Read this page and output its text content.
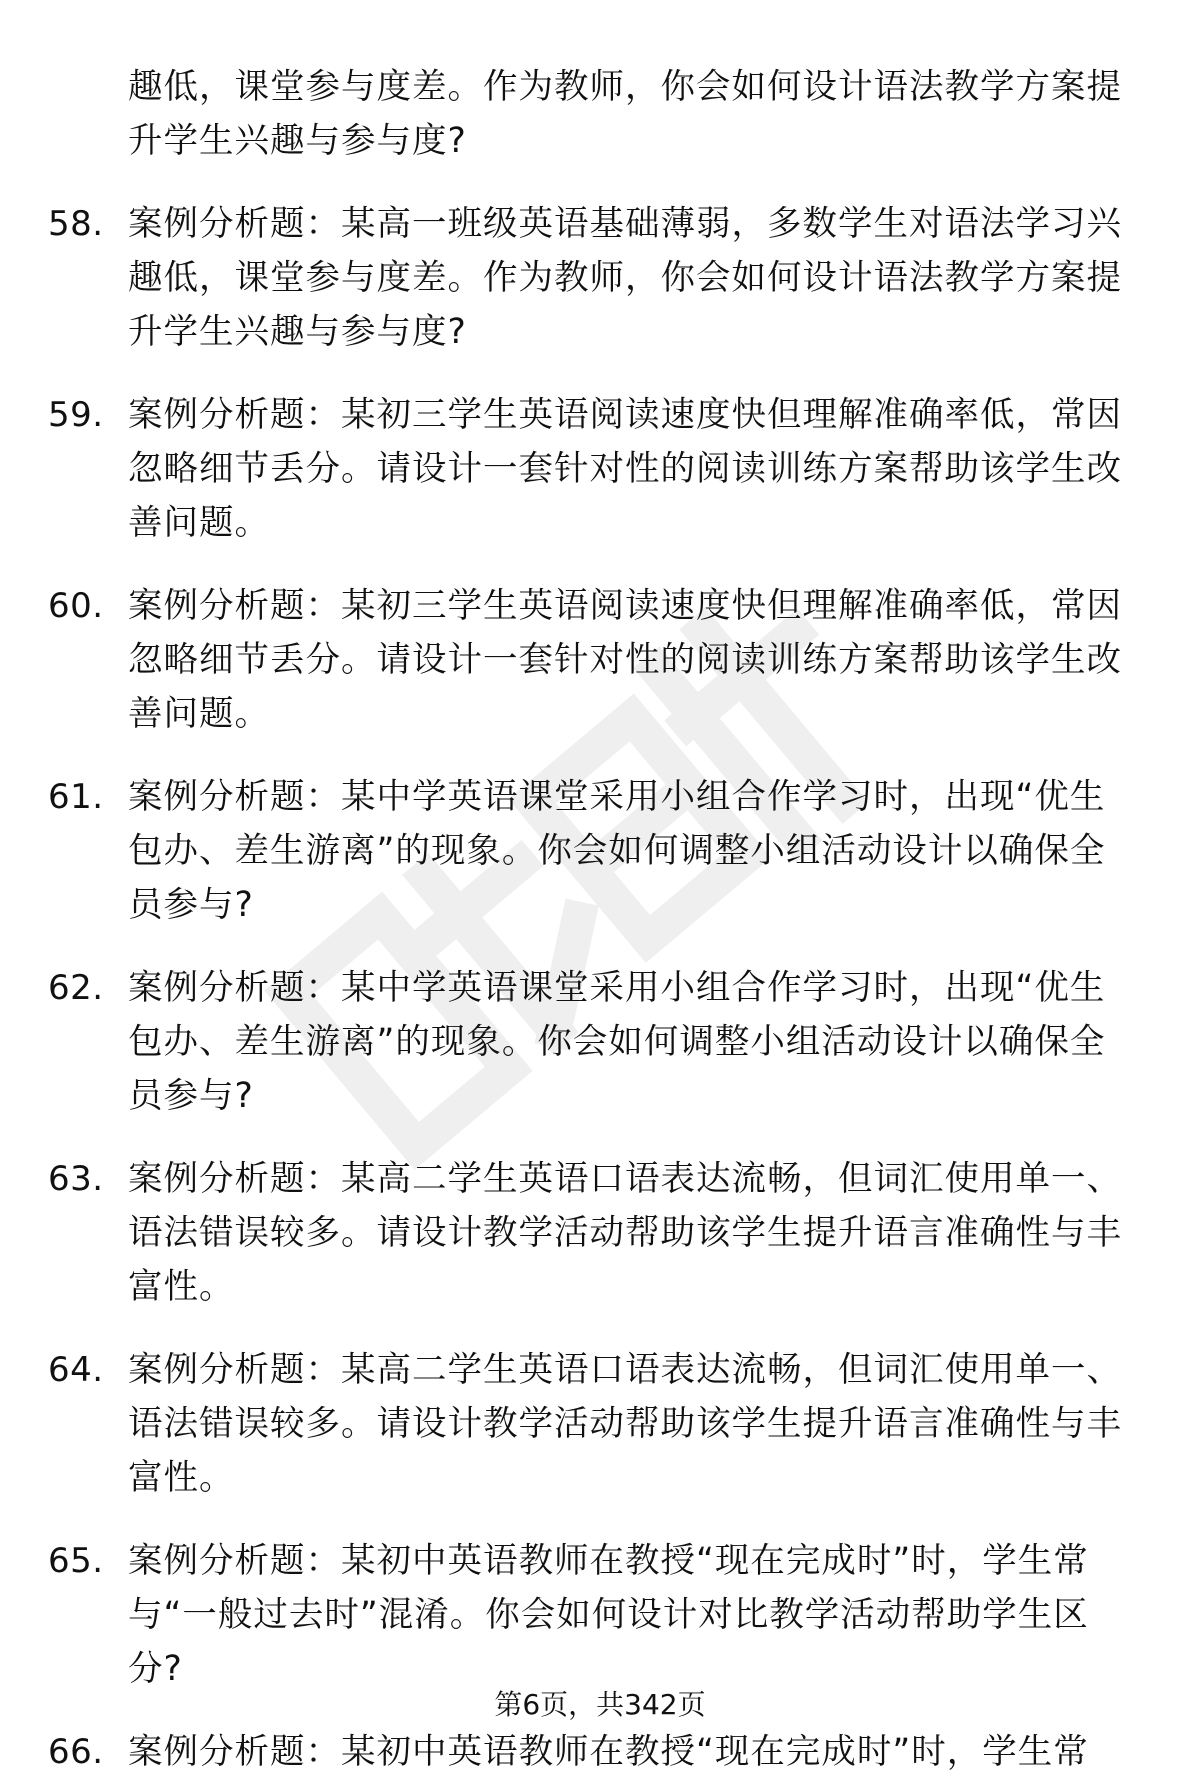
趣低，课堂参与度差。作为教师，你会如何设计语法教学方案提升学生兴趣与参与度?
58. 案例分析题：某高一班级英语基础薄弱，多数学生对语法学习兴趣低，课堂参与度差。作为教师，你会如何设计语法教学方案提升学生兴趣与参与度?
59. 案例分析题：某初三学生英语阅读速度快但理解准确率低，常因忽略细节丢分。请设计一套针对性的阅读训练方案帮助该学生改善问题。
60. 案例分析题：某初三学生英语阅读速度快但理解准确率低，常因忽略细节丢分。请设计一套针对性的阅读训练方案帮助该学生改善问题。
61. 案例分析题：某中学英语课堂采用小组合作学习时，出现“优生包办、差生游离”的现象。你会如何调整小组活动设计以确保全员参与?
62. 案例分析题：某中学英语课堂采用小组合作学习时，出现“优生包办、差生游离”的现象。你会如何调整小组活动设计以确保全员参与?
63. 案例分析题：某高二学生英语口语表达流畅，但词汇使用单一、语法错误较多。请设计教学活动帮助该学生提升语言准确性与丰富性。
64. 案例分析题：某高二学生英语口语表达流畅，但词汇使用单一、语法错误较多。请设计教学活动帮助该学生提升语言准确性与丰富性。
65. 案例分析题：某初中英语教师在教授“现在完成时”时，学生常与“一般过去时”混淆。你会如何设计对比教学活动帮助学生区分?
66. 案例分析题：某初中英语教师在教授“现在完成时”时，学生常
第6页，共342页
